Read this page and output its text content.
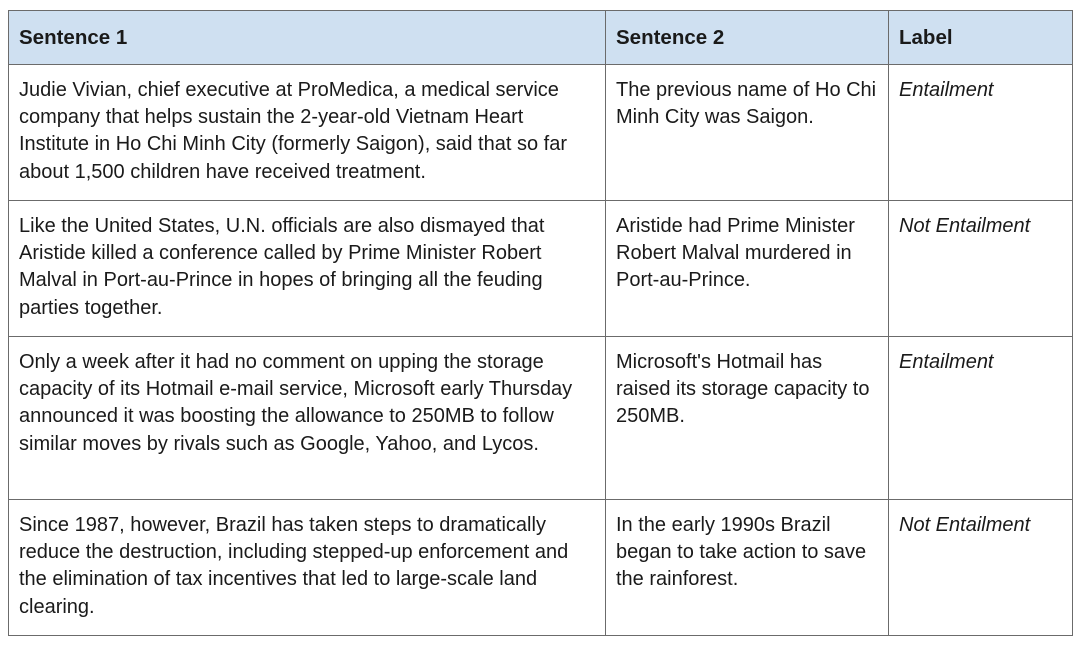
Sentence 1	Sentence 2	Label
Judie Vivian, chief executive at ProMedica, a medical service company that helps sustain the 2-year-old Vietnam Heart Institute in Ho Chi Minh City (formerly Saigon), said that so far about 1,500 children have received treatment.	The previous name of Ho Chi Minh City was Saigon.	Entailment
Like the United States, U.N. officials are also dismayed that Aristide killed a conference called by Prime Minister Robert Malval in Port-au-Prince in hopes of bringing all the feuding parties together.	Aristide had Prime Minister Robert Malval murdered in Port-au-Prince.	Not Entailment
Only a week after it had no comment on upping the storage capacity of its Hotmail e-mail service, Microsoft early Thursday announced it was boosting the allowance to 250MB to follow similar moves by rivals such as Google, Yahoo, and Lycos.	Microsoft's Hotmail has raised its storage capacity to 250MB.	Entailment
Since 1987, however, Brazil has taken steps to dramatically reduce the destruction, including stepped-up enforcement and the elimination of tax incentives that led to large-scale land clearing.	In the early 1990s Brazil began to take action to save the rainforest.	Not Entailment
